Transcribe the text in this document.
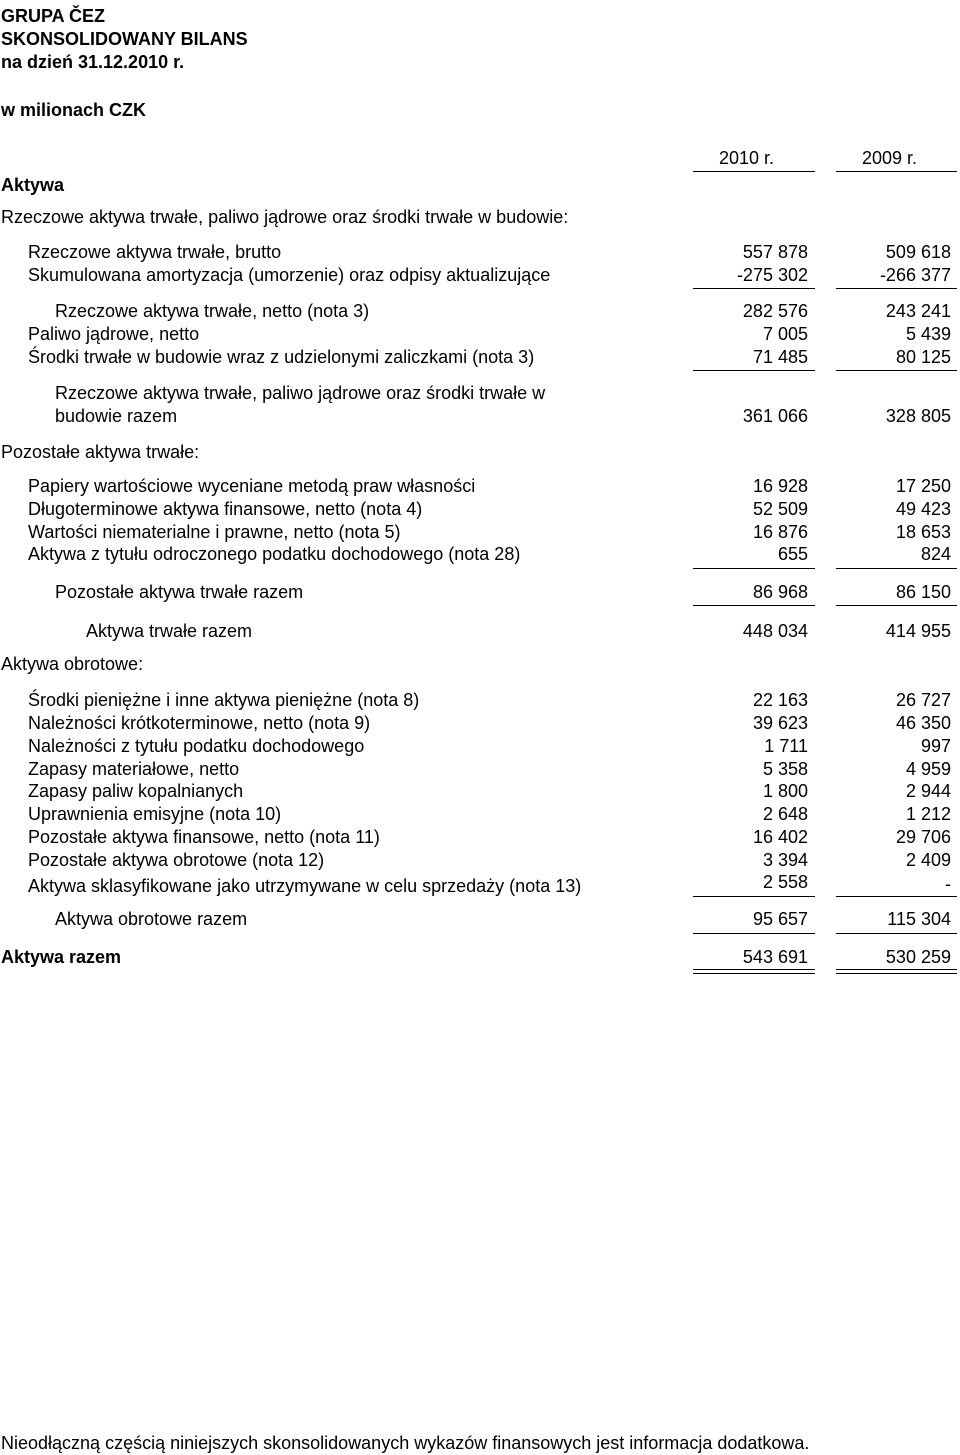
GRUPA ČEZ
SKONSOLIDOWANY BILANS
na dzień 31.12.2010 r.
w milionach CZK
2010 r.	2009 r.
Aktywa
Rzeczowe aktywa trwałe, paliwo jądrowe oraz środki trwałe w budowie:
Rzeczowe aktywa trwałe, brutto	557 878	509 618
Skumulowana amortyzacja (umorzenie) oraz odpisy aktualizujące	-275 302	-266 377
Rzeczowe aktywa trwałe, netto (nota 3)	282 576	243 241
Paliwo jądrowe, netto	7 005	5 439
Środki trwałe w budowie wraz z udzielonymi zaliczkami (nota 3)	71 485	80 125
Rzeczowe aktywa trwałe, paliwo jądrowe oraz środki trwałe w
budowie razem	361 066	328 805
Pozostałe aktywa trwałe:
Papiery wartościowe wyceniane metodą praw własności	16 928	17 250
Długoterminowe aktywa finansowe, netto (nota 4)	52 509	49 423
Wartości niematerialne i prawne, netto (nota 5)	16 876	18 653
Aktywa z tytułu odroczonego podatku dochodowego (nota 28)	655	824
Pozostałe aktywa trwałe razem	86 968	86 150
Aktywa trwałe razem	448 034	414 955
Aktywa obrotowe:
Środki pieniężne i inne aktywa pieniężne (nota 8)	22 163	26 727
Należności krótkoterminowe, netto (nota 9)	39 623	46 350
Należności z tytułu podatku dochodowego	1 711	997
Zapasy materiałowe, netto	5 358	4 959
Zapasy paliw kopalnianych	1 800	2 944
Uprawnienia emisyjne (nota 10)	2 648	1 212
Pozostałe aktywa finansowe, netto (nota 11)	16 402	29 706
Pozostałe aktywa obrotowe (nota 12)	3 394	2 409
Aktywa sklasyfikowane jako utrzymywane w celu sprzedaży (nota 13)	2 558	-
Aktywa obrotowe razem	95 657	115 304
Aktywa razem	543 691	530 259
Nieodłączną częścią niniejszych skonsolidowanych wykazów finansowych jest informacja dodatkowa.
